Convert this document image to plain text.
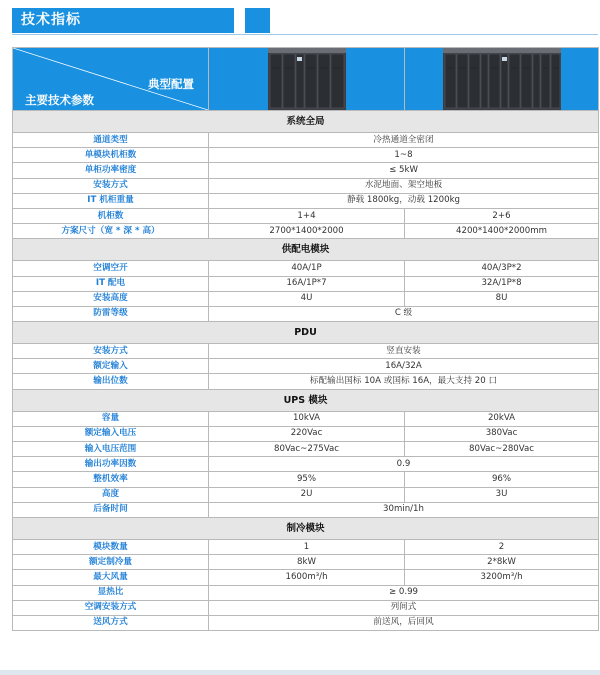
技术指标
典型配置
主要技术参数

系统全局		
通道类型	冷热通道全密闭	
单模块机柜数	1~8	
单柜功率密度	≤ 5kW	
安装方式	水泥地面、架空地板	
IT 机柜重量	静载 1800kg，动载 1200kg	
机柜数	1+4	2+6
方案尺寸（宽 * 深 * 高）	2700*1400*2000	4200*1400*2000mm
供配电模块		
空调空开	40A/1P	40A/3P*2
IT 配电	16A/1P*7	32A/1P*8
安装高度	4U	8U
防雷等级	C 级	
PDU		
安装方式	竖直安装	
额定输入	16A/32A	
输出位数	标配输出国标 10A 或国标 16A，最大支持 20 口	
UPS 模块		
容量	10kVA	20kVA
额定输入电压	220Vac	380Vac
输入电压范围	80Vac~275Vac	80Vac~280Vac
输出功率因数	0.9	
整机效率	95%	96%
高度	2U	3U
后备时间	30min/1h	
制冷模块		
模块数量	1	2
额定制冷量	8kW	2*8kW
最大风量	1600m³/h	3200m³/h
显热比	≥ 0.99	
空调安装方式	列间式	
送风方式	前送风，后回风	
